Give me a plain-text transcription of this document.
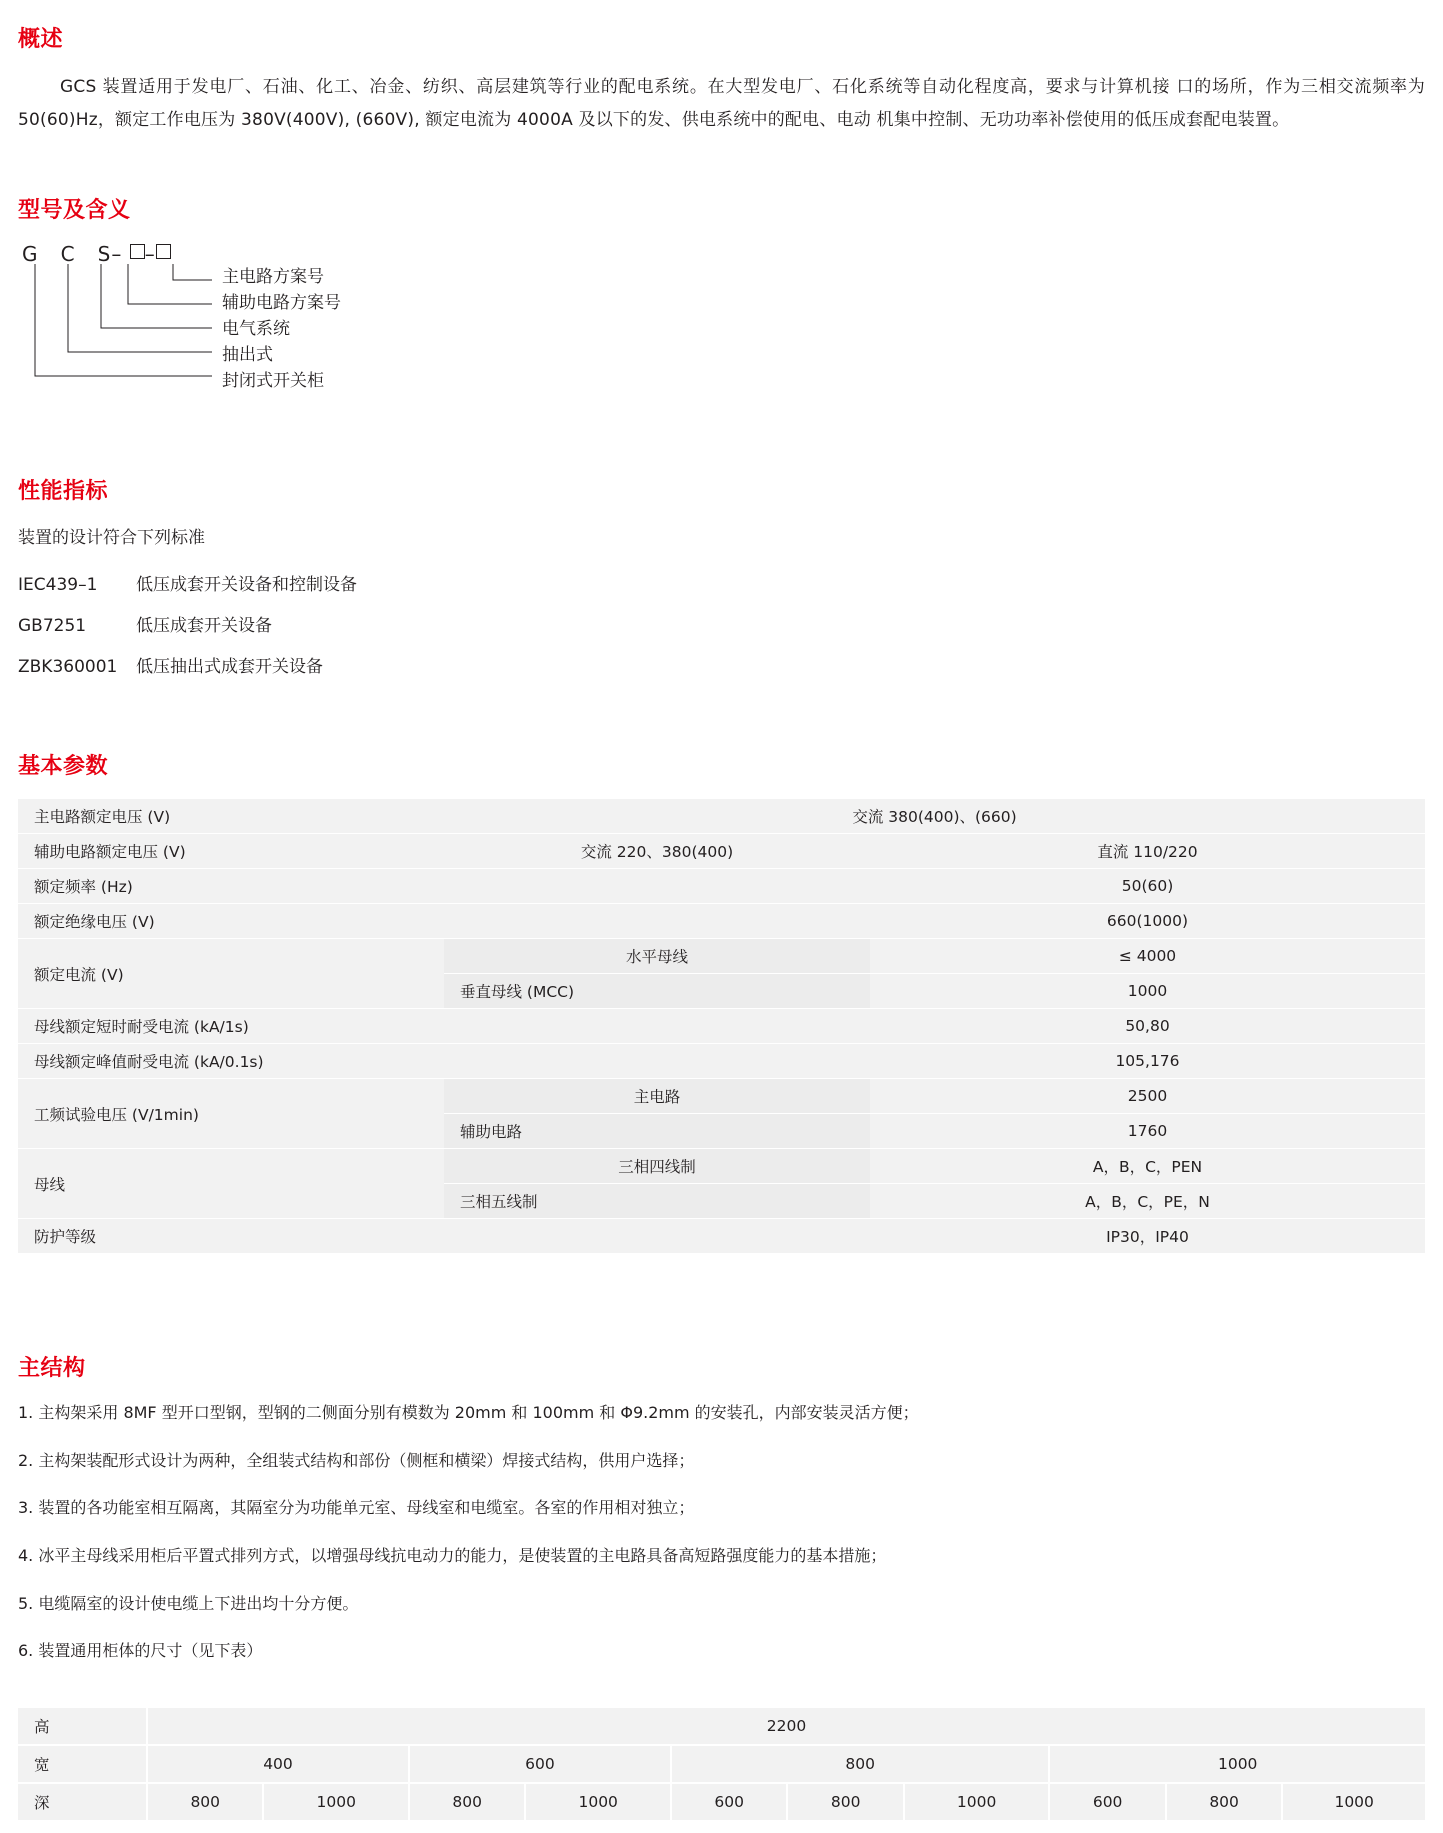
概述

GCS 装置适用于发电厂、石油、化工、冶金、纺织、高层建筑等行业的配电系统。在大型发电厂、石化系统等自动化程度高，要求与计算机接 口的场所，作为三相交流频率为 50(60)Hz，额定工作电压为 380V(400V), (660V), 额定电流为 4000A 及以下的发、供电系统中的配电、电动 机集中控制、无功功率补偿使用的低压成套配电装置。

型号及含义
G C S– –
主电路方案号
辅助电路方案号
电气系统
抽出式
封闭式开关柜
性能指标

装置的设计符合下列标准

IEC439–1 低压成套开关设备和控制设备
GB7251	低压成套开关设备
ZBK360001 低压抽出式成套开关设备
基本参数
主电路额定电压 (V)	交流 380(400)、(660)	
辅助电路额定电压 (V)	交流 220、380(400)	直流 110/220
额定频率 (Hz)		50(60)
额定绝缘电压 (V)		660(1000)
额定电流 (V)	水平母线	≤ 4000
	垂直母线 (MCC)	1000
母线额定短时耐受电流 (kA/1s)		50,80
母线额定峰值耐受电流 (kA/0.1s)		105,176
工频试验电压 (V/1min)	主电路	2500
	辅助电路	1760
母线	三相四线制	A，B，C，PEN
	三相五线制	A，B，C，PE，N
防护等级		IP30，IP40
主结构
1. 主构架采用 8MF 型开口型钢，型钢的二侧面分别有模数为 20mm 和 100mm 和 Φ9.2mm 的安装孔，内部安装灵活方便；
2. 主构架装配形式设计为两种，全组装式结构和部份（侧框和横梁）焊接式结构，供用户选择；
3. 装置的各功能室相互隔离，其隔室分为功能单元室、母线室和电缆室。各室的作用相对独立；
4. 冰平主母线采用柜后平置式排列方式，以增强母线抗电动力的能力，是使装置的主电路具备高短路强度能力的基本措施；
5. 电缆隔室的设计使电缆上下进出均十分方便。
6. 装置通用柜体的尺寸（见下表）
高	2200									
宽	400		600		800			1000		
深	800	1000	800	1000	600	800	1000	600	800	1000
